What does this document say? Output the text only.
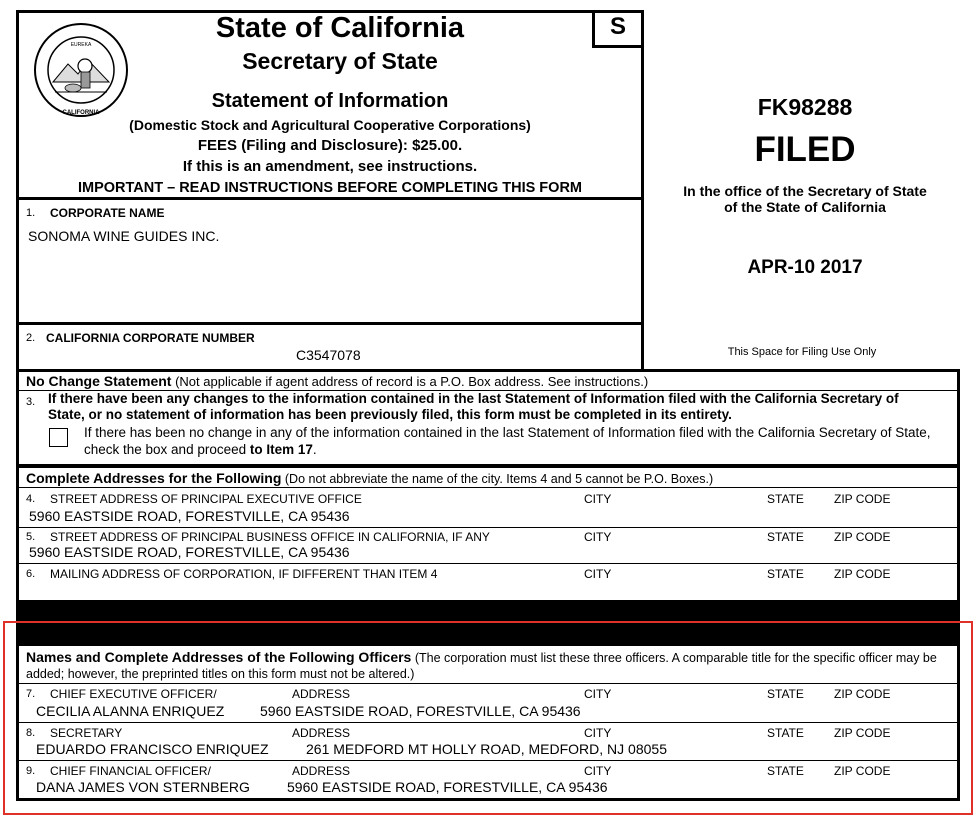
S
EUREKA
CALIFORNIA
State of California
Secretary of State
Statement of Information
(Domestic Stock and Agricultural Cooperative Corporations)
FEES (Filing and Disclosure): $25.00.
If this is an amendment, see instructions.
IMPORTANT – READ INSTRUCTIONS BEFORE COMPLETING THIS FORM
1. CORPORATE NAME
SONOMA WINE GUIDES INC.
2. CALIFORNIA CORPORATE NUMBER
C3547078
FK98288
FILED
In the office of the Secretary of State
of the State of California
APR-10 2017
This Space for Filing Use Only
No Change Statement (Not applicable if agent address of record is a P.O. Box address. See instructions.)
3. If there have been any changes to the information contained in the last Statement of Information filed with the California Secretary of State, or no statement of information has been previously filed, this form must be completed in its entirety.
If there has been no change in any of the information contained in the last Statement of Information filed with the California Secretary of State, check the box and proceed to Item 17.
Complete Addresses for the Following (Do not abbreviate the name of the city. Items 4 and 5 cannot be P.O. Boxes.)
4. STREET ADDRESS OF PRINCIPAL EXECUTIVE OFFICE	CITY	STATE	ZIP CODE
5960 EASTSIDE ROAD, FORESTVILLE, CA 95436
5. STREET ADDRESS OF PRINCIPAL BUSINESS OFFICE IN CALIFORNIA, IF ANY	CITY	STATE	ZIP CODE
5960 EASTSIDE ROAD, FORESTVILLE, CA 95436
6. MAILING ADDRESS OF CORPORATION, IF DIFFERENT THAN ITEM 4	CITY	STATE	ZIP CODE
Names and Complete Addresses of the Following Officers (The corporation must list these three officers. A comparable title for the specific officer may be added; however, the preprinted titles on this form must not be altered.)
7. CHIEF EXECUTIVE OFFICER/	ADDRESS	CITY	STATE	ZIP CODE
CECILIA ALANNA ENRIQUEZ	5960 EASTSIDE ROAD, FORESTVILLE, CA 95436
8. SECRETARY	ADDRESS	CITY	STATE	ZIP CODE
EDUARDO FRANCISCO ENRIQUEZ	261 MEDFORD MT HOLLY ROAD, MEDFORD, NJ 08055
9. CHIEF FINANCIAL OFFICER/	ADDRESS	CITY	STATE	ZIP CODE
DANA JAMES VON STERNBERG	5960 EASTSIDE ROAD, FORESTVILLE, CA 95436
